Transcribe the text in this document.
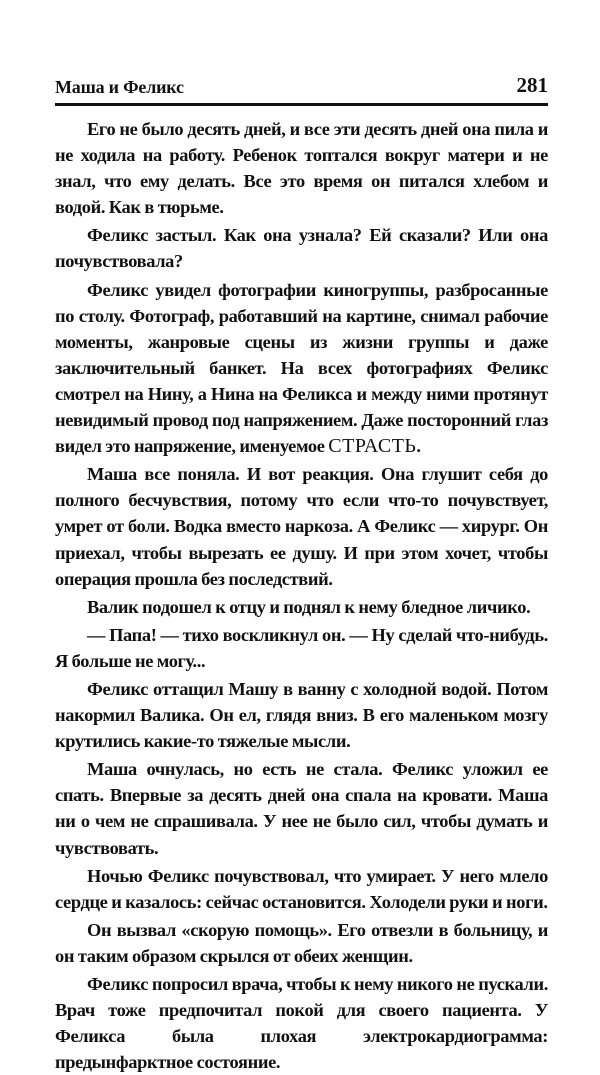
Маша и Феликс	281

Его не было десять дней, и все эти десять дней она пила и не ходила на работу. Ребенок топтался вокруг матери и не знал, что ему делать. Все это время он питался хлебом и водой. Как в тюрьме.

Феликс застыл. Как она узнала? Ей сказали? Или она почувствовала?

Феликс увидел фотографии киногруппы, разбросанные по столу. Фотограф, работавший на картине, снимал рабочие моменты, жанровые сцены из жизни группы и даже заключительный банкет. На всех фотографиях Феликс смотрел на Нину, а Нина на Феликса и между ними протянут невидимый провод под напряжением. Даже посторонний глаз видел это напряжение, именуемое СТРАСТЬ.

Маша все поняла. И вот реакция. Она глушит себя до полного бесчувствия, потому что если что-то почувствует, умрет от боли. Водка вместо наркоза. А Феликс — хирург. Он приехал, чтобы вырезать ее душу. И при этом хочет, чтобы операция прошла без последствий.

Валик подошел к отцу и поднял к нему бледное личико.

— Папа! — тихо воскликнул он. — Ну сделай что-нибудь. Я больше не могу...

Феликс оттащил Машу в ванну с холодной водой. Потом накормил Валика. Он ел, глядя вниз. В его маленьком мозгу крутились какие-то тяжелые мысли.

Маша очнулась, но есть не стала. Феликс уложил ее спать. Впервые за десять дней она спала на кровати. Маша ни о чем не спрашивала. У нее не было сил, чтобы думать и чувствовать.

Ночью Феликс почувствовал, что умирает. У него млело сердце и казалось: сейчас остановится. Холодели руки и ноги.

Он вызвал «скорую помощь». Его отвезли в больницу, и он таким образом скрылся от обеих женщин.

Феликс попросил врача, чтобы к нему никого не пускали. Врач тоже предпочитал покой для своего пациента. У Феликса была плохая электрокардиограмма: предынфарктное состояние.
